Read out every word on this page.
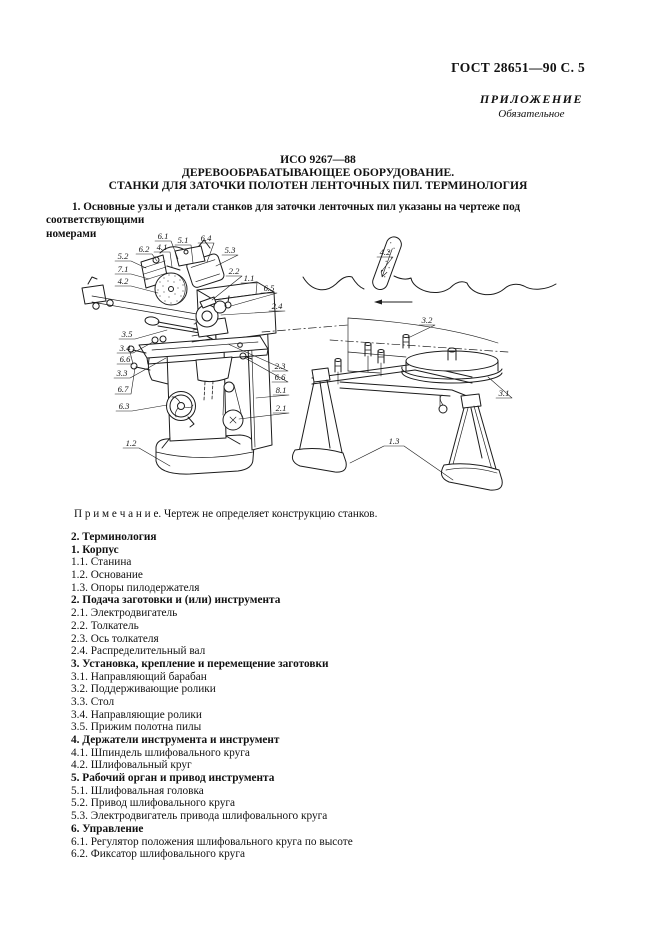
ГОСТ 28651—90 С. 5
ПРИЛОЖЕНИЕ
Обязательное
ИСО 9267—88
ДЕРЕВООБРАБАТЫВАЮЩЕЕ ОБОРУДОВАНИЕ.
СТАНКИ ДЛЯ ЗАТОЧКИ ПОЛОТЕН ЛЕНТОЧНЫХ ПИЛ. ТЕРМИНОЛОГИЯ
1. Основные узлы и детали станков для заточки ленточных пил указаны на чертеже под соответствующими
номерами	6.1 5.1 6.4
6.2 4.1	5.3
5.2
7.1
4.2
2.2
1.1
6.5
2.4
3.5
3.4
6.6
3.3
6.7
6.3
1.2
2.3
6.6
8.1
2.1
4.2
3.2
3.1
1.3
П р и м е ч а н и е. Чертеж не определяет конструкцию станков.
2. Терминология
1. Корпус
1.1. Станина
1.2. Основание
1.3. Опоры пилодержателя
2. Подача заготовки и (или) инструмента
2.1. Электродвигатель
2.2. Толкатель
2.3. Ось толкателя
2.4. Распределительный вал
3. Установка, крепление и перемещение заготовки
3.1. Направляющий барабан
3.2. Поддерживающие ролики
3.3. Стол
3.4. Направляющие ролики
3.5. Прижим полотна пилы
4. Держатели инструмента и инструмент
4.1. Шпиндель шлифовального круга
4.2. Шлифовальный круг
5. Рабочий орган и привод инструмента
5.1. Шлифовальная головка
5.2. Привод шлифовального круга
5.3. Электродвигатель привода шлифовального круга
6. Управление
6.1. Регулятор положения шлифовального круга по высоте
6.2. Фиксатор шлифовального круга
